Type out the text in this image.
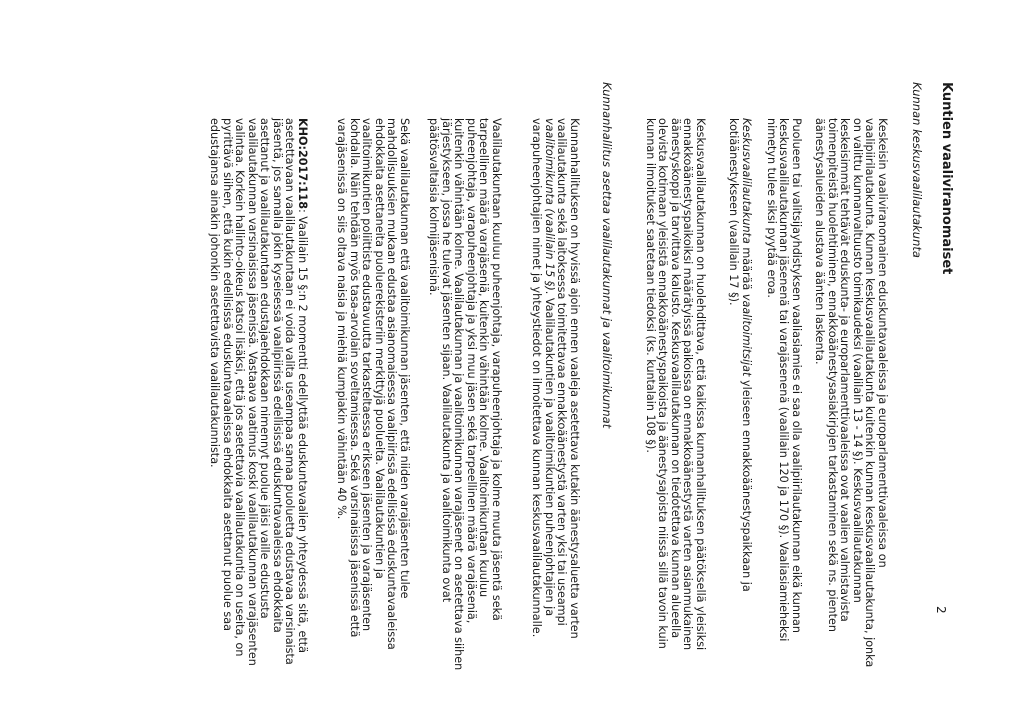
2
Kuntien vaaliviranomaiset
Kunnan keskusvaalilautakunta

Keskeisin vaaliviranomainen eduskuntavaaleissa ja europarlamenttivaaleissa on vaalipiirilautakunta. Kunnan keskusvaalilautakunta kuitenkin kunnan keskusvaalilautakunta, jonka on valittu kunnanvaltuusto toimikaudeksi (vaalilain 13 - 14 §). Keskusvaalilautakunnan keskeisimmät tehtävät eduskunta- ja europarlamenttivaaleissa ovat vaalien valmistavista toimenpiteistä huolehtiminen, ennakkoäänestysasiakirjojen tarkastaminen sekä ns. pienten äänestysalueiden alustava äänten laskenta.

Puolueen tai valitsijayhdistyksen vaaliasiamies ei saa olla vaalipiirilautakunnan eikä kunnan keskusvaalilautakunnan jäsenenä tai varajäsenenä (vaalilain 120 ja 170 §). Vaaliasiamieheksi nimetyn tulee siksi pyytää eroa.

Keskusvaalilautakunta määrää vaalitoimitsijat yleiseen ennakkoäänestyspaikkaan ja kotiäänestykseen (vaalilain 17 §).

Keskusvaalilautakunnan on huolehdittava, että kaikissa kunnanhallituksen päätöksellä yleisiksi ennakkoäänestyspaikoiksi määrätyissä paikoissa on ennakkoäänestystä varten asianmukainen äänestyskoppi ja tarvittava kalusto. Keskusvaalilautakunnan on tiedotettava kunnan alueella olevista kotimaan yleisistä ennakkoäänestyspaikoista ja äänestysajoista niissä sillä tavoin kuin kunnan ilmoitukset saatetaan tiedoksi (ks. kuntalain 108 §).

Kunnanhallitus asettaa vaalilautakunnat ja vaalitoimikunnat

Kunnanhallituksen on hyvissä ajoin ennen vaaleja asetettava kutakin äänestysaluetta varten vaalilautakunta sekä laitoksessa toimitettavaa ennakkoäänestystä varten yksi tai useampi vaalitoimikunta (vaalilain 15 §). Vaalilautakuntien ja vaalitoimikuntien puheenjohtajien ja varapuheenjohtajien nimet ja yhteystiedot on ilmoitettava kunnan keskusvaalilautakunnalle.

Vaalilautakuntaan kuuluu puheenjohtaja, varapuheenjohtaja ja kolme muuta jäsentä sekä tarpeellinen määrä varajäseniä, kuitenkin vähintään kolme. Vaalitoimikuntaan kuuluu puheenjohtaja, varapuheenjohtaja ja yksi muu jäsen sekä tarpeellinen määrä varajäseniä, kuitenkin vähintään kolme. Vaalilautakunnan ja vaalitoimikunnan varajäsenet on asetettava siihen järjestykseen, jossa he tulevat jäsenten sijaan. Vaalilautakunta ja vaalitoimikunta ovat päätösvaltaisia kolmijäsenisinä.

Sekä vaalilautakunnan että vaalitoimikunnan jäsenten, että niiden varajäsenten tulee mahdollisuuksien mukaan edustaa asianomaisessa vaalipiirissä edellisissä eduskuntavaaleissa ehdokkaita asettaneita puoluerekisteriin merkittyjä puolueita. Vaalilautakuntien ja vaalitoimikuntien poliittista edustavuutta tarkasteltaessa erikseen jäsenten ja varajäsenten kohdalla. Näin tehdään myös tasa-arvolain soveltamisessa. Sekä varsinaisissa jäsenissä että varajäsenissä on siis oltava naisia ja miehiä kumpiakin vähintään 40 %.

KHO:2017:118: Vaalilain 15 §:n 2 momentti edellyttää eduskuntavaalien yhteydessä sitä, että asetettavaan vaalilautakuntaan ei voida valita useampaa samaa puoluetta edustavaa varsinaista jäsentä, jos samalla jokin kyseisessä vaalipiirissä edellisissä eduskuntavaaleissa ehdokkaita asettanut ja vaalilautakuntaan edustajaehdokkaan nimennyt puolue jäisi vaille edustusta vaalilautakunnan varsinaisissa jäsenissä. Vastaava vaatimus koski vaalilautakunnan varajäsenten valintaa. Korkein hallinto-oikeus katsoi lisäksi, että jos asetettavia vaalilautakuntia on useita, on pyrittävä siihen, että kukin edellisissä eduskuntavaaleissa ehdokkaita asettanut puolue saa edustajansa ainakin johonkin asetettavista vaalilautakunnista.
